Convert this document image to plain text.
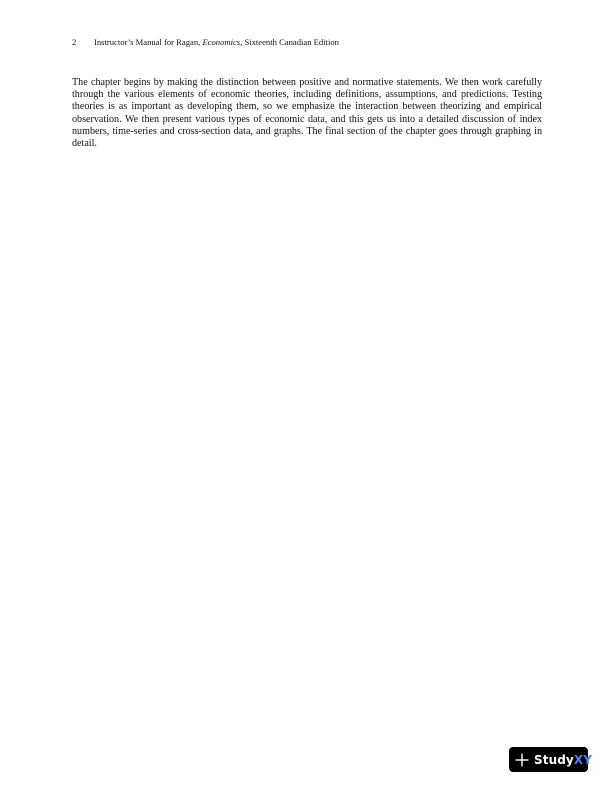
2 Instructor’s Manual for Ragan, Economics, Sixteenth Canadian Edition

The chapter begins by making the distinction between positive and normative statements. We then work carefully through the various elements of economic theories, including definitions, assumptions, and predictions. Testing theories is as important as developing them, so we emphasize the interaction between theorizing and empirical observation. We then present various types of economic data, and this gets us into a detailed discussion of index numbers, time-series and cross-section data, and graphs. The final section of the chapter goes through graphing in detail.

StudyXY
